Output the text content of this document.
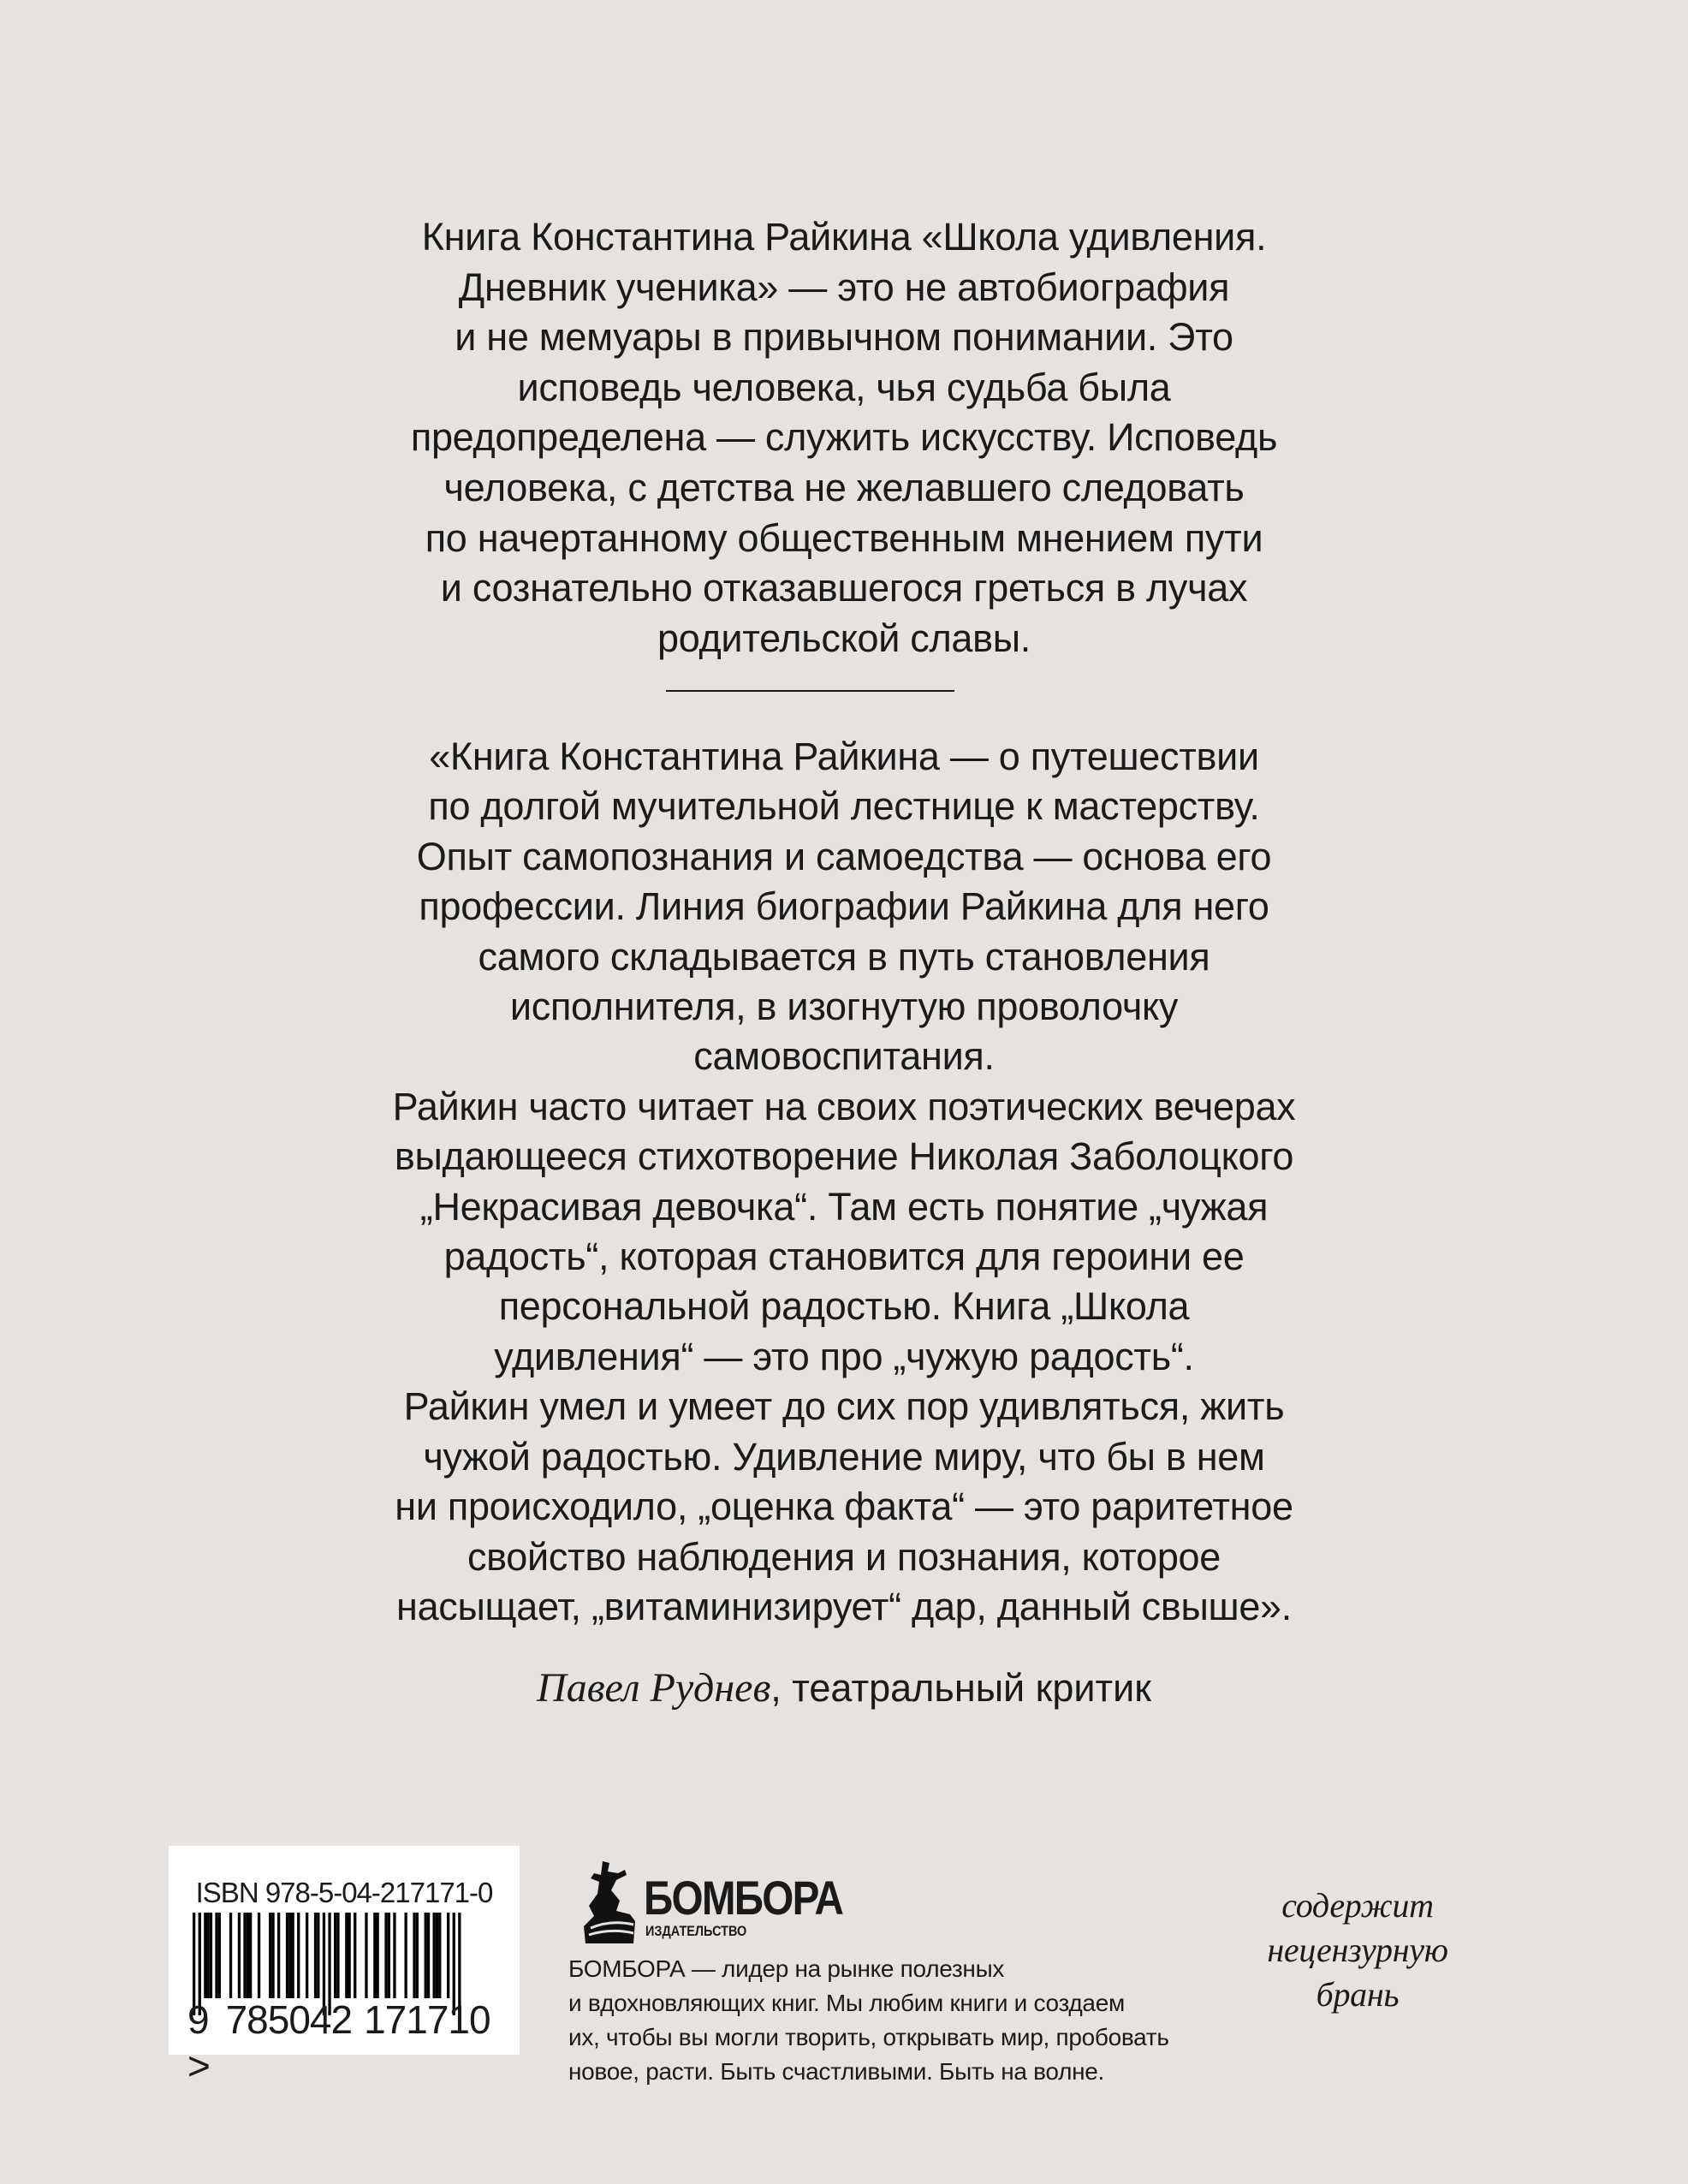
Книга Константина Райкина «Школа удивления.
Дневник ученика» — это не автобиография
и не мемуары в привычном понимании. Это
исповедь человека, чья судьба была
предопределена — служить искусству. Исповедь
человека, с детства не желавшего следовать
по начертанному общественным мнением пути
и сознательно отказавшегося греться в лучах
родительской славы.
«Книга Константина Райкина — о путешествии
по долгой мучительной лестнице к мастерству.
Опыт самопознания и самоедства — основа его
профессии. Линия биографии Райкина для него
самого складывается в путь становления
исполнителя, в изогнутую проволочку
самовоспитания.
Райкин часто читает на своих поэтических вечерах
выдающееся стихотворение Николая Заболоцкого
„Некрасивая девочка“. Там есть понятие „чужая
радость“, которая становится для героини ее
персональной радостью. Книга „Школа
удивления“ — это про „чужую радость“.
Райкин умел и умеет до сих пор удивляться, жить
чужой радостью. Удивление миру, что бы в нем
ни происходило, „оценка факта“ — это раритетное
свойство наблюдения и познания, которое
насыщает, „витаминизирует“ дар, данный свыше».
Павел Руднев, театральный критик
ISBN 978-5-04-217171-0
9 785042 171710>
БОМБОРА
ИЗДАТЕЛЬСТВО
БОМБОРА — лидер на рынке полезных
и вдохновляющих книг. Мы любим книги и создаем
их, чтобы вы могли творить, открывать мир, пробовать
новое, расти. Быть счастливыми. Быть на волне.
содержит
нецензурную
брань
